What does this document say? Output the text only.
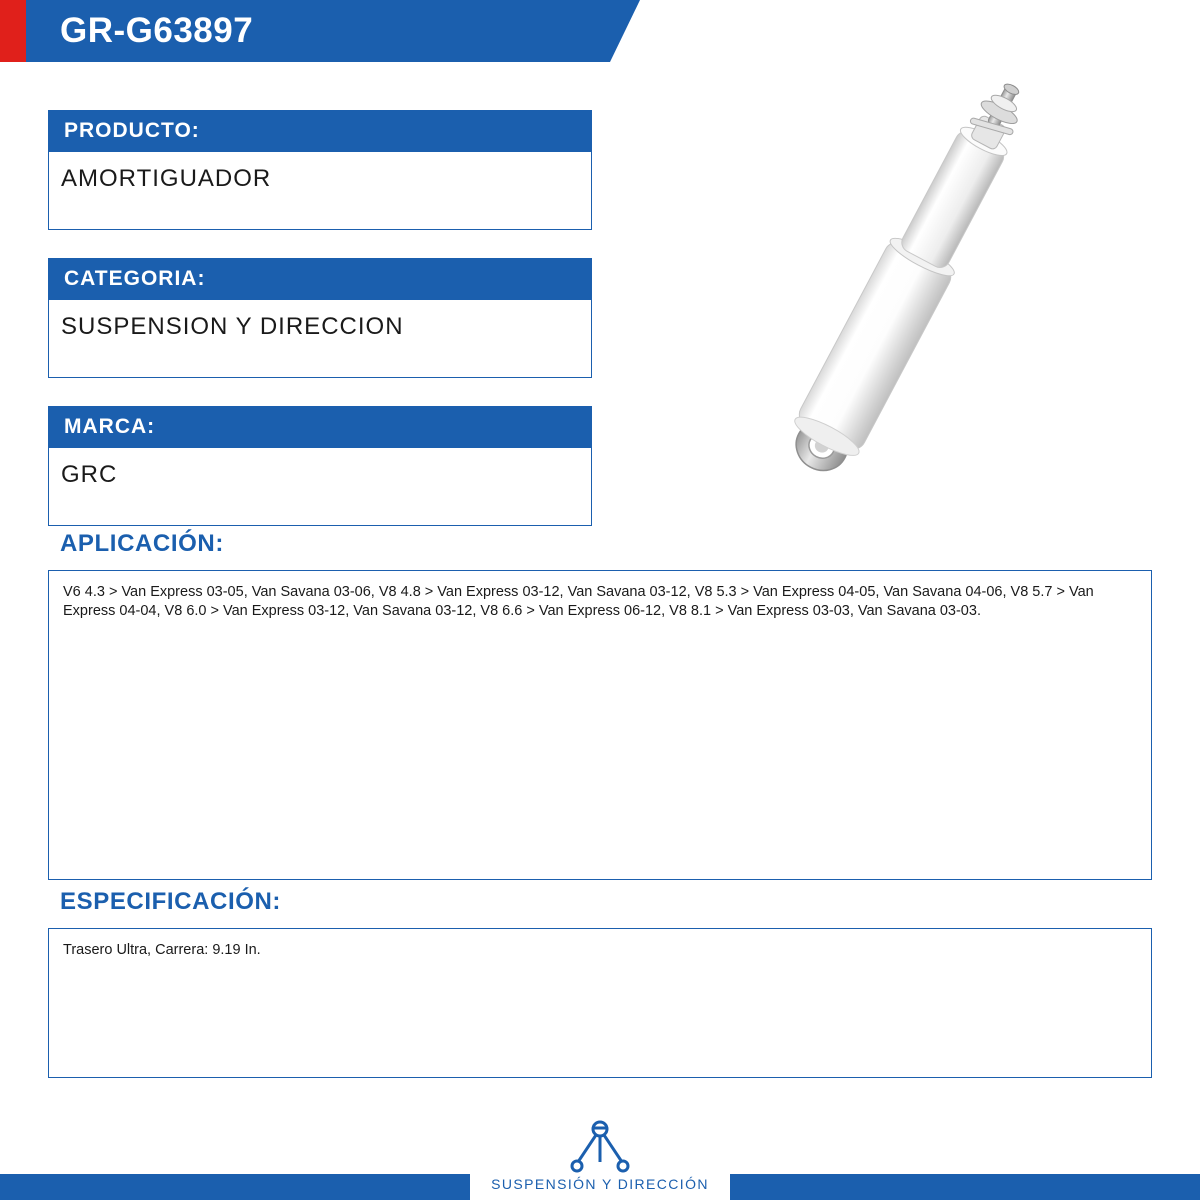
GR-G63897
PRODUCTO:
AMORTIGUADOR
CATEGORIA:
SUSPENSION Y DIRECCION
MARCA:
GRC
APLICACIÓN:
V6 4.3 > Van Express 03-05, Van Savana 03-06, V8 4.8 > Van Express 03-12, Van Savana 03-12, V8 5.3 > Van Express 04-05, Van Savana 04-06, V8 5.7 > Van Express 04-04, V8 6.0 > Van Express 03-12, Van Savana 03-12, V8 6.6 > Van Express 06-12, V8 8.1 > Van Express 03-03, Van Savana 03-03.
ESPECIFICACIÓN:
Trasero Ultra, Carrera: 9.19 In.
SUSPENSIÓN Y DIRECCIÓN
